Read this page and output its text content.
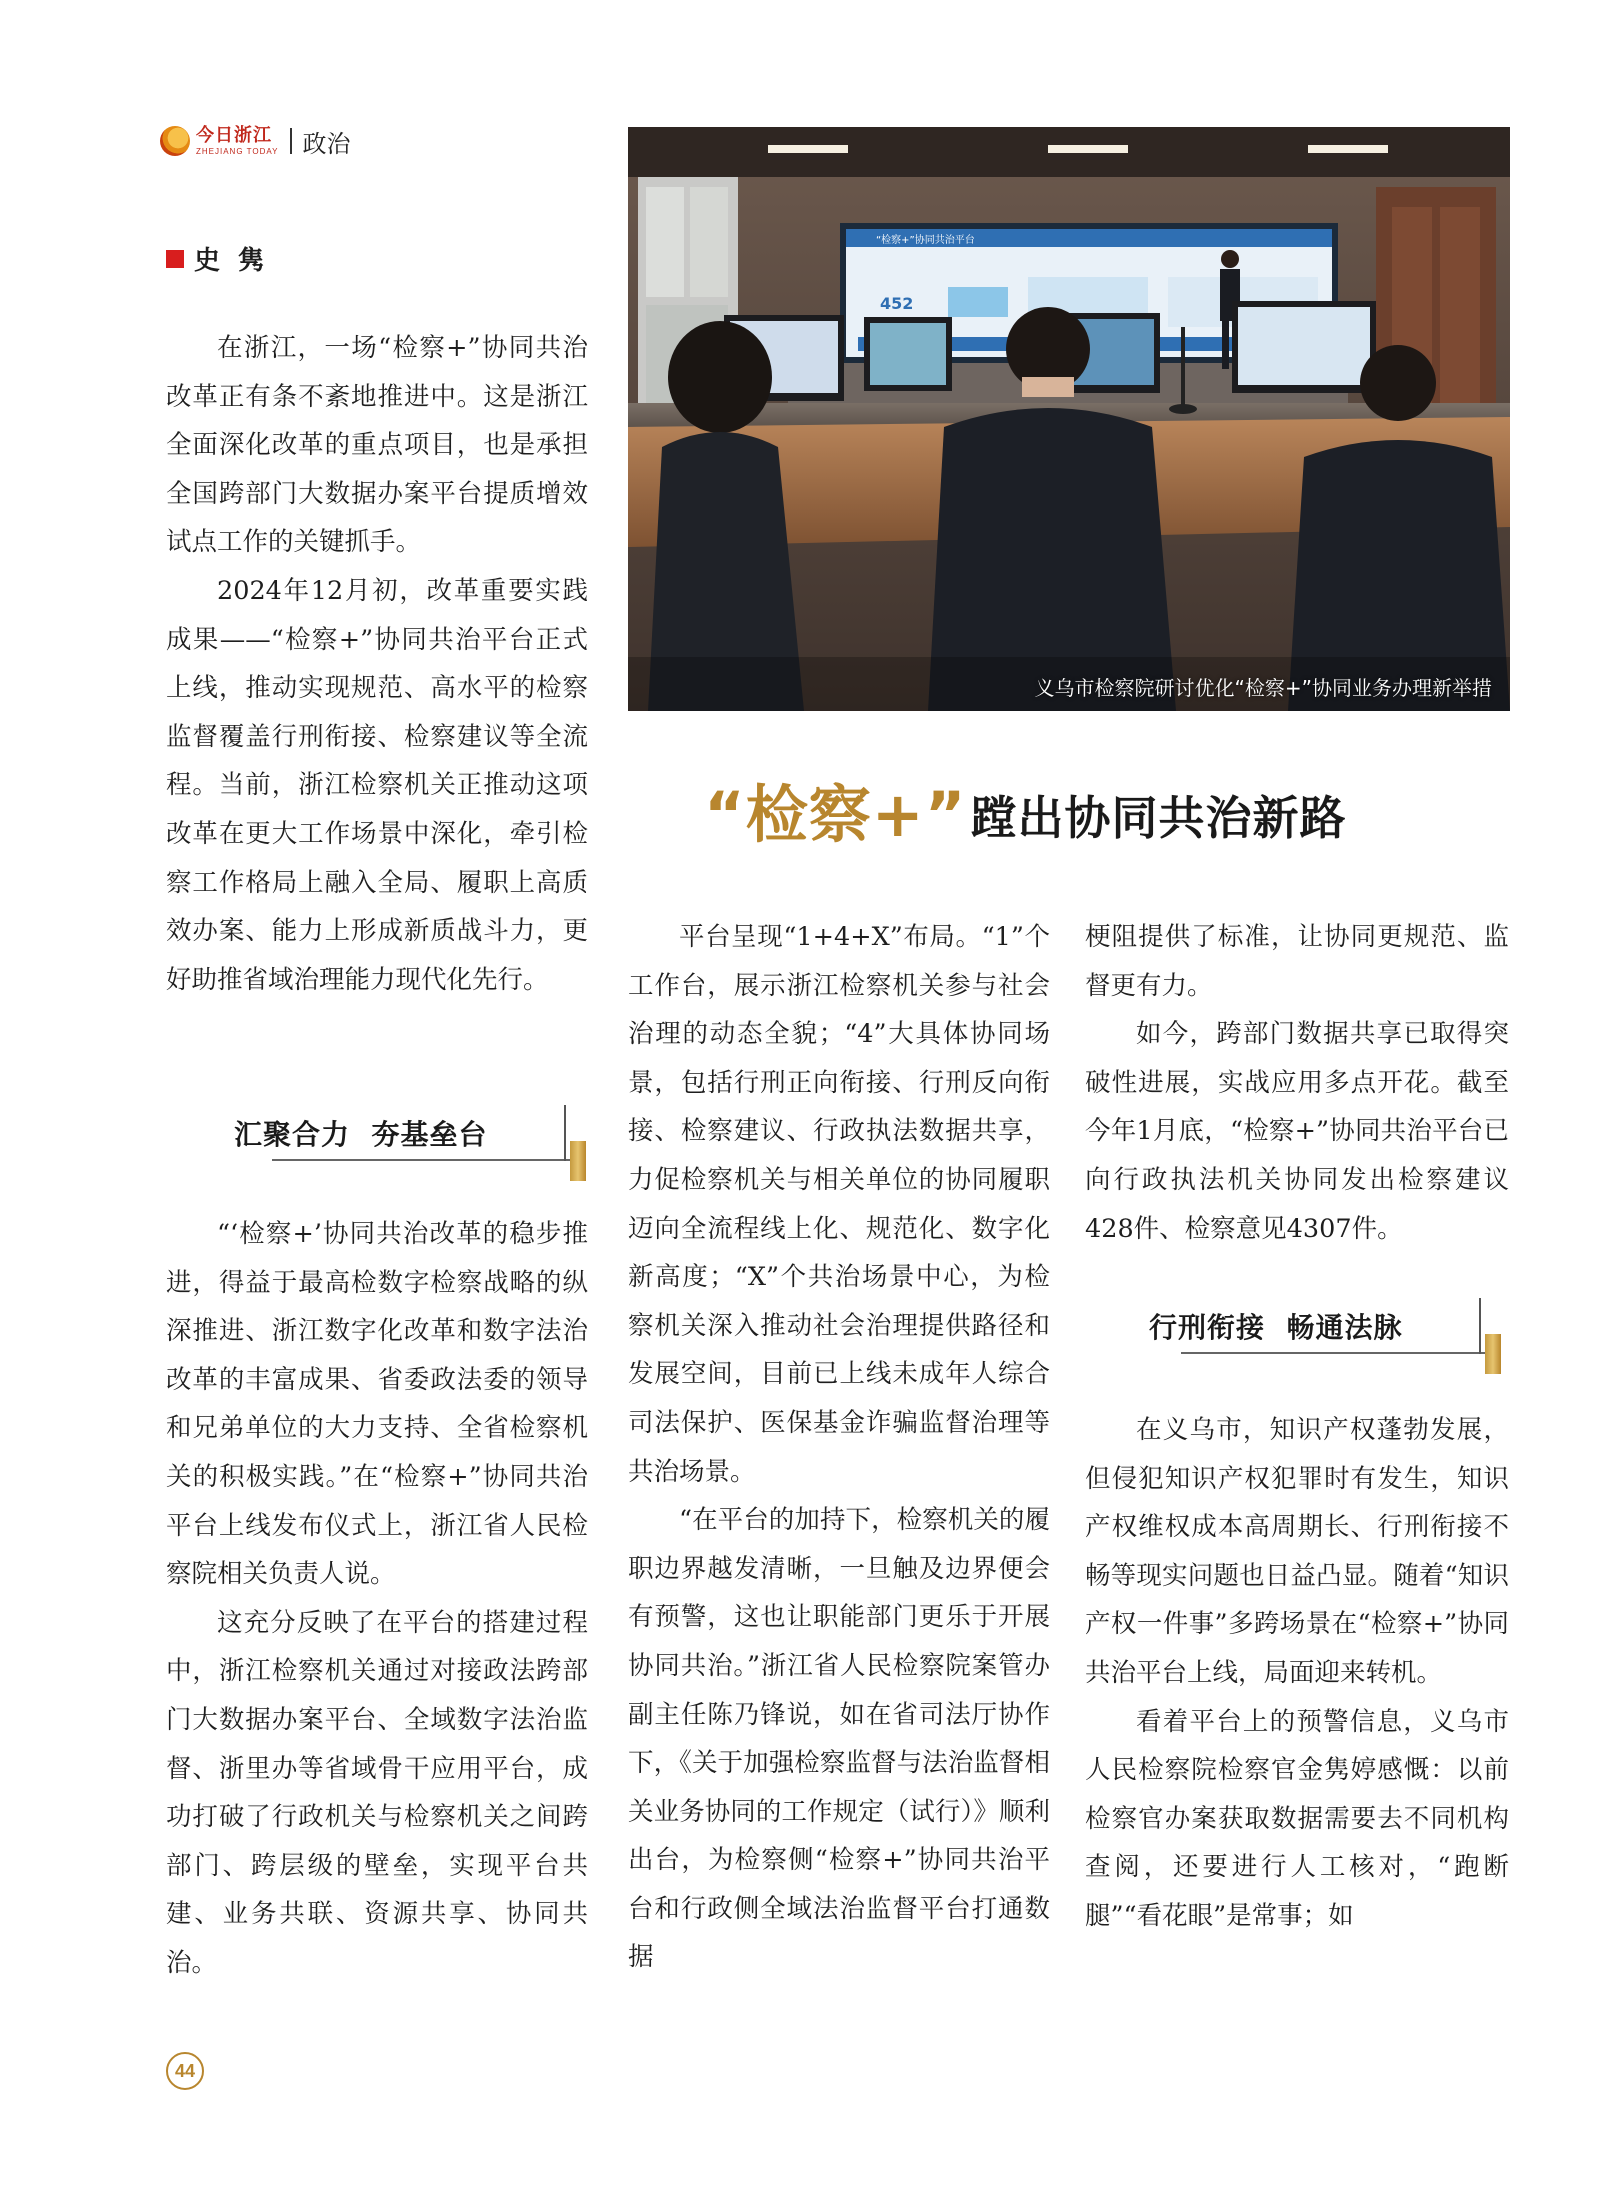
今日浙江
ZHEJIANG TODAY 政治
史  隽

在浙江，一场“检察+”协同共治改革正有条不紊地推进中。这是浙江全面深化改革的重点项目，也是承担全国跨部门大数据办案平台提质增效试点工作的关键抓手。

2024年12月初，改革重要实践成果——“检察+”协同共治平台正式上线，推动实现规范、高水平的检察监督覆盖行刑衔接、检察建议等全流程。当前，浙江检察机关正推动这项改革在更大工作场景中深化，牵引检察工作格局上融入全局、履职上高质效办案、能力上形成新质战斗力，更好助推省域治理能力现代化先行。

汇聚合力  夯基垒台

“‘检察+’协同共治改革的稳步推进，得益于最高检数字检察战略的纵深推进、浙江数字化改革和数字法治改革的丰富成果、省委政法委的领导和兄弟单位的大力支持、全省检察机关的积极实践。”在“检察+”协同共治平台上线发布仪式上，浙江省人民检察院相关负责人说。

这充分反映了在平台的搭建过程中，浙江检察机关通过对接政法跨部门大数据办案平台、全域数字法治监督、浙里办等省域骨干应用平台，成功打破了行政机关与检察机关之间跨部门、跨层级的壁垒，实现平台共建、业务共联、资源共享、协同共治。

“检察+”协同共治平台
452
义乌市检察院研讨优化“检察+”协同业务办理新举措
“检察+” 蹚出协同共治新路

平台呈现“1+4+X”布局。“1”个工作台，展示浙江检察机关参与社会治理的动态全貌；“4”大具体协同场景，包括行刑正向衔接、行刑反向衔接、检察建议、行政执法数据共享，力促检察机关与相关单位的协同履职迈向全流程线上化、规范化、数字化新高度；“X”个共治场景中心，为检察机关深入推动社会治理提供路径和发展空间，目前已上线未成年人综合司法保护、医保基金诈骗监督治理等共治场景。

“在平台的加持下，检察机关的履职边界越发清晰，一旦触及边界便会有预警，这也让职能部门更乐于开展协同共治。”浙江省人民检察院案管办副主任陈乃锋说，如在省司法厅协作下，《关于加强检察监督与法治监督相关业务协同的工作规定（试行）》顺利出台，为检察侧“检察+”协同共治平台和行政侧全域法治监督平台打通数据

梗阻提供了标准，让协同更规范、监督更有力。

如今，跨部门数据共享已取得突破性进展，实战应用多点开花。截至今年1月底，“检察+”协同共治平台已向行政执法机关协同发出检察建议428件、检察意见4307件。

行刑衔接  畅通法脉

在义乌市，知识产权蓬勃发展，但侵犯知识产权犯罪时有发生，知识产权维权成本高周期长、行刑衔接不畅等现实问题也日益凸显。随着“知识产权一件事”多跨场景在“检察+”协同共治平台上线，局面迎来转机。

看着平台上的预警信息，义乌市人民检察院检察官金隽婷感慨：以前检察官办案获取数据需要去不同机构查阅，还要进行人工核对，“跑断腿”“看花眼”是常事；如

44
